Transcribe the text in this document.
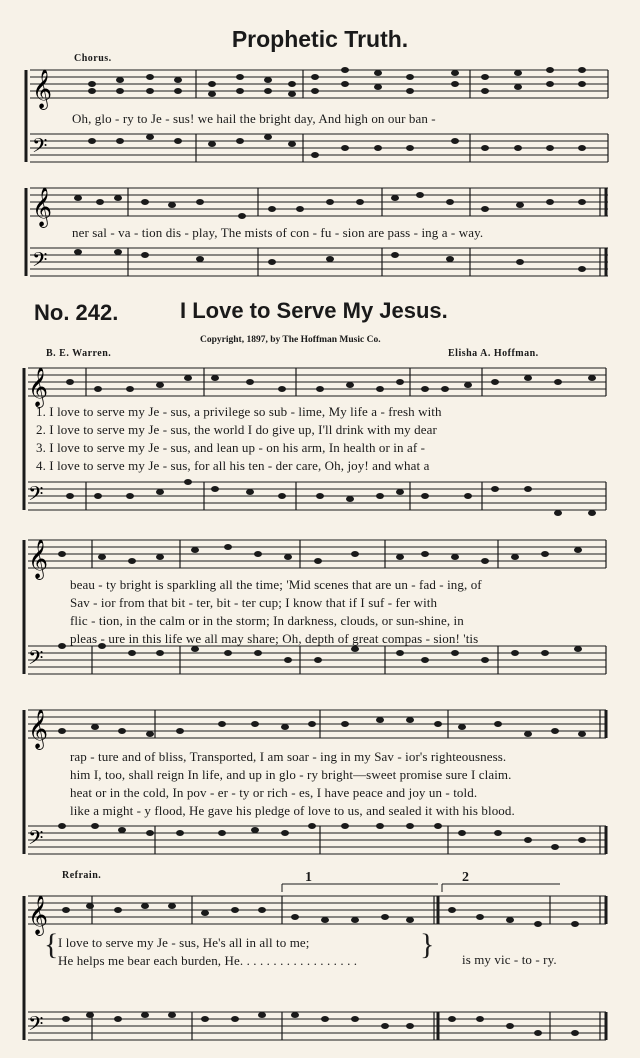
Prophetic Truth.
Chorus.
𝄞
𝄢
Oh, glo - ry to Je - sus! we hail the bright day, And high on our ban -
𝄞
𝄢
ner sal - va - tion dis - play, The mists of con - fu - sion are pass - ing a - way.
No. 242.	I Love to Serve My Jesus.
Copyright, 1897, by The Hoffman Music Co.
B. E. Warren.	Elisha A. Hoffman.
𝄞
𝄢
1. I love to serve my Je - sus, a privilege so sub - lime, My life a - fresh with
2. I love to serve my Je - sus, the world I do give up, I'll drink with my dear
3. I love to serve my Je - sus, and lean up - on his arm, In health or in af -
4. I love to serve my Je - sus, for all his ten - der care, Oh, joy! and what a
𝄞
𝄢
beau - ty bright is sparkling all the time; 'Mid scenes that are un - fad - ing, of
Sav - ior from that bit - ter, bit - ter cup; I know that if I suf - fer with
flic - tion, in the calm or in the storm; In darkness, clouds, or sun-shine, in
pleas - ure in this life we all may share; Oh, depth of great compas - sion! 'tis
𝄞
𝄢
rap - ture and of bliss, Transported, I am soar - ing in my Sav - ior's righteousness.
him I, too, shall reign In life, and up in glo - ry bright—sweet promise sure I claim.
heat or in the cold, In pov - er - ty or rich - es, I have peace and joy un - told.
like a might - y flood, He gave his pledge of love to us, and sealed it with his blood.
Refrain.	1	2
𝄞
𝄢
{ I love to serve my Je - sus, He's all in all to me;
He helps me bear each burden, He. . . . . . . . . . . . . . . . . . } is my vic - to - ry.
